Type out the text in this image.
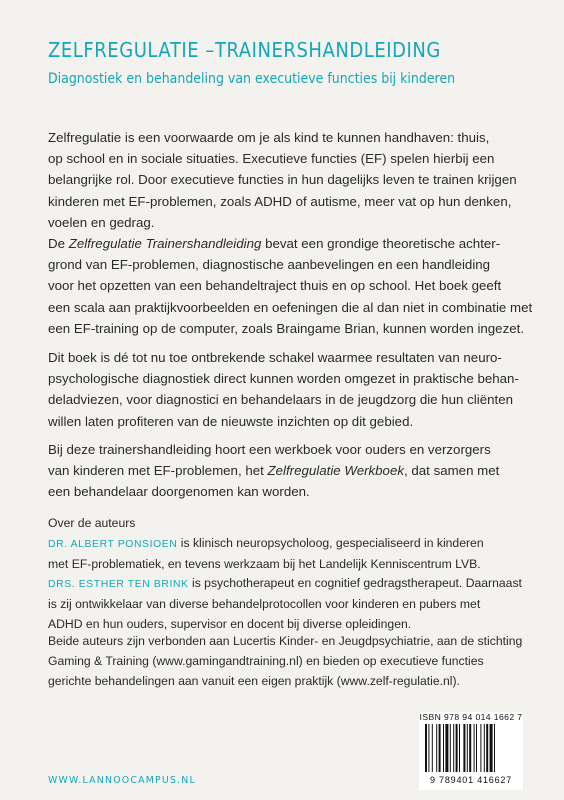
ZELFREGULATIE –TRAINERSHANDLEIDING
Diagnostiek en behandeling van executieve functies bij kinderen
Zelfregulatie is een voorwaarde om je als kind te kunnen handhaven: thuis,
op school en in sociale situaties. Executieve functies (EF) spelen hierbij een
belangrijke rol. Door executieve functies in hun dagelijks leven te trainen krijgen
kinderen met EF-problemen, zoals ADHD of autisme, meer vat op hun denken,
voelen en gedrag.
De Zelfregulatie Trainershandleiding bevat een grondige theoretische achter-
grond van EF-problemen, diagnostische aanbevelingen en een handleiding
voor het opzetten van een behandeltraject thuis en op school. Het boek geeft
een scala aan praktijkvoorbeelden en oefeningen die al dan niet in combinatie met
een EF-training op de computer, zoals Braingame Brian, kunnen worden ingezet.
Dit boek is dé tot nu toe ontbrekende schakel waarmee resultaten van neuro-
psychologische diagnostiek direct kunnen worden omgezet in praktische behan-
deladviezen, voor diagnostici en behandelaars in de jeugdzorg die hun cliënten
willen laten profiteren van de nieuwste inzichten op dit gebied.
Bij deze trainershandleiding hoort een werkboek voor ouders en verzorgers
van kinderen met EF-problemen, het Zelfregulatie Werkboek, dat samen met
een behandelaar doorgenomen kan worden.
Over de auteurs
DR. ALBERT PONSIOEN is klinisch neuropsycholoog, gespecialiseerd in kinderen
met EF-problematiek, en tevens werkzaam bij het Landelijk Kenniscentrum LVB.
DRS. ESTHER TEN BRINK is psychotherapeut en cognitief gedragstherapeut. Daarnaast
is zij ontwikkelaar van diverse behandelprotocollen voor kinderen en pubers met
ADHD en hun ouders, supervisor en docent bij diverse opleidingen.
Beide auteurs zijn verbonden aan Lucertis Kinder- en Jeugdpsychiatrie, aan de stichting
Gaming & Training (www.gamingandtraining.nl) en bieden op executieve functies
gerichte behandelingen aan vanuit een eigen praktijk (www.zelf-regulatie.nl).
ISBN 978 94 014 1662 7
9 789401 416627
WWW.LANNOOCAMPUS.NL
